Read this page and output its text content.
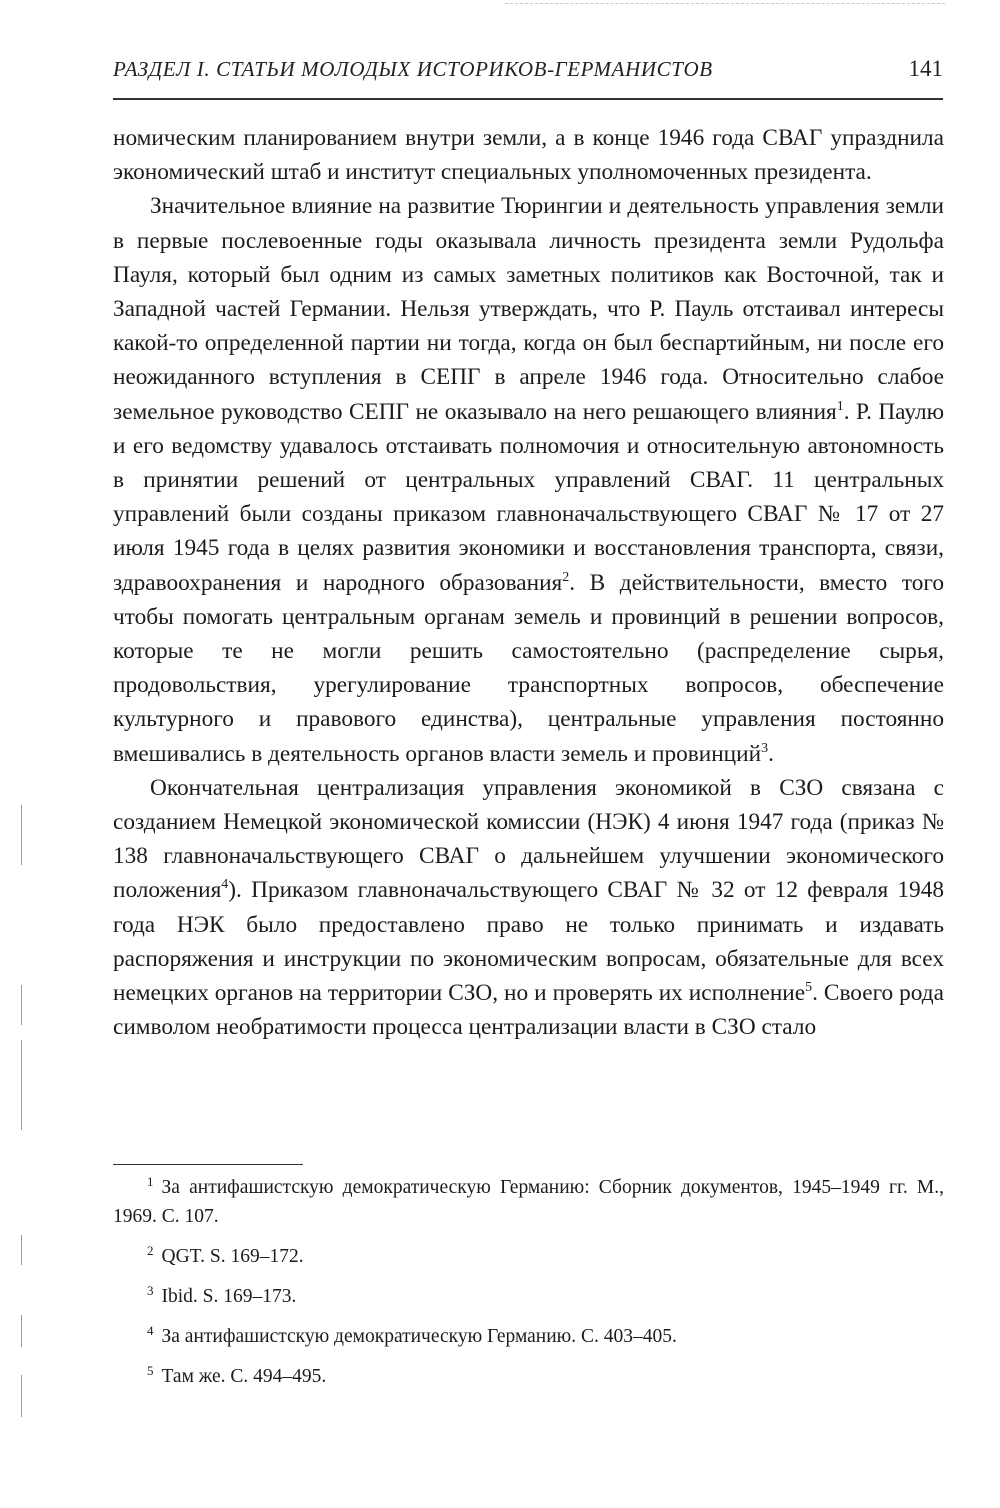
РАЗДЕЛ I. СТАТЬИ МОЛОДЫХ ИСТОРИКОВ-ГЕРМАНИСТОВ	141

номическим планированием внутри земли, а в конце 1946 года СВАГ упразднила экономический штаб и институт специальных уполномоченных президента.

Значительное влияние на развитие Тюрингии и деятельность управления земли в первые послевоенные годы оказывала личность президента земли Рудольфа Пауля, который был одним из самых заметных политиков как Восточной, так и Западной частей Германии. Нельзя утверждать, что Р. Пауль отстаивал интересы какой-то определенной партии ни тогда, когда он был беспартийным, ни после его неожиданного вступления в СЕПГ в апреле 1946 года. Относительно слабое земельное руководство СЕПГ не оказывало на него решающего влияния$^1$. Р. Паулю и его ведомству удавалось отстаивать полномочия и относительную автономность в принятии решений от центральных управлений СВАГ. 11 центральных управлений были созданы приказом главноначальствующего СВАГ № 17 от 27 июля 1945 года в целях развития экономики и восстановления транспорта, связи, здравоохранения и народного образования$^2$. В действительности, вместо того чтобы помогать центральным органам земель и провинций в решении вопросов, которые те не могли решить самостоятельно (распределение сырья, продовольствия, урегулирование транспортных вопросов, обеспечение культурного и правового единства), центральные управления постоянно вмешивались в деятельность органов власти земель и провинций$^3$.

Окончательная централизация управления экономикой в СЗО связана с созданием Немецкой экономической комиссии (НЭК) 4 июня 1947 года (приказ № 138 главноначальствующего СВАГ о дальнейшем улучшении экономического положения$^4$). Приказом главноначальствующего СВАГ № 32 от 12 февраля 1948 года НЭК было предоставлено право не только принимать и издавать распоряжения и инструкции по экономическим вопросам, обязательные для всех немецких органов на территории СЗО, но и проверять их исполнение$^5$. Своего рода символом необратимости процесса централизации власти в СЗО стало

$^1$ За антифашистскую демократическую Германию: Сборник документов, 1945–1949 гг. М., 1969. С. 107.

$^2$ QGT. S. 169–172.

$^3$ Ibid. S. 169–173.

$^4$ За антифашистскую демократическую Германию. С. 403–405.

$^5$ Там же. С. 494–495.
